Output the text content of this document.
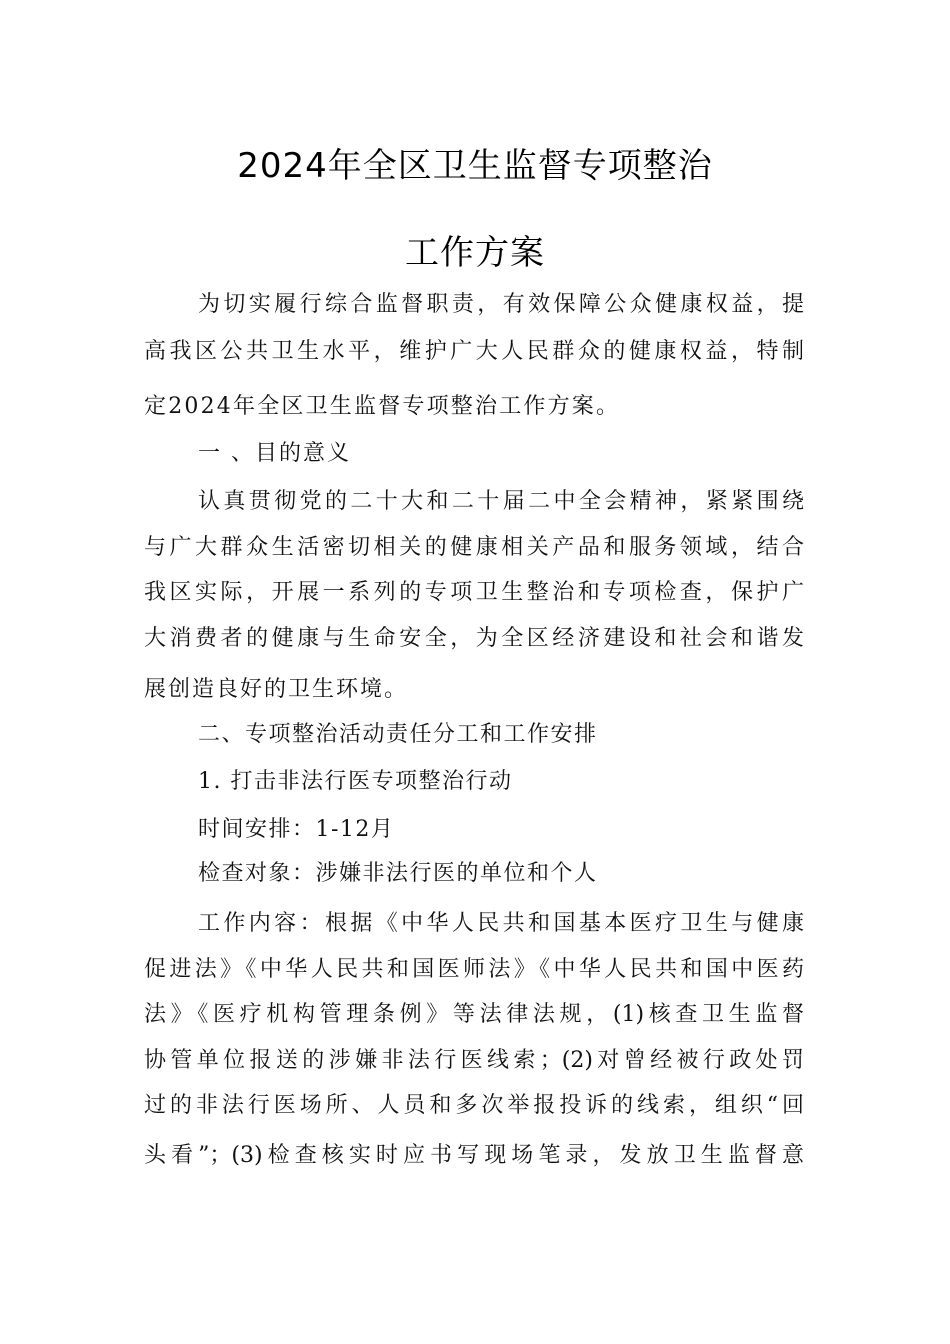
2024年全区卫生监督专项整治
工作方案
为切实履行综合监督职责，有效保障公众健康权益，提
高我区公共卫生水平，维护广大人民群众的健康权益，特制
定2024年全区卫生监督专项整治工作方案。
一 、目的意义
认真贯彻党的二十大和二十届二中全会精神，紧紧围绕
与广大群众生活密切相关的健康相关产品和服务领域，结合
我区实际，开展一系列的专项卫生整治和专项检查，保护广
大消费者的健康与生命安全，为全区经济建设和社会和谐发
展创造良好的卫生环境。
二、专项整治活动责任分工和工作安排
1. 打击非法行医专项整治行动
时间安排：1-12月
检查对象：涉嫌非法行医的单位和个人
工作内容：根据《中华人民共和国基本医疗卫生与健康
促进法》《中华人民共和国医师法》《中华人民共和国中医药
法》《医疗机构管理条例》等法律法规，(1)核查卫生监督
协管单位报送的涉嫌非法行医线索；(2)对曾经被行政处罚
过的非法行医场所、人员和多次举报投诉的线索，组织“回
头看”；(3)检查核实时应书写现场笔录，发放卫生监督意
